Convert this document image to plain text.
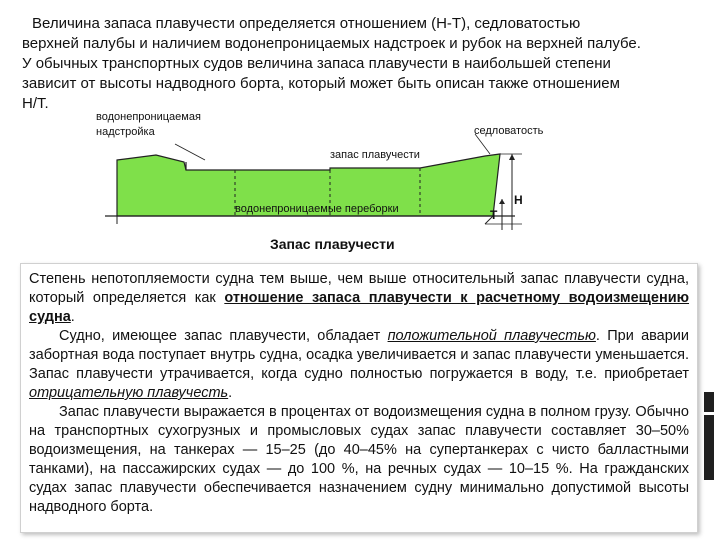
Величина запаса плавучести определяется отношением (H-T), седловатостью
верхней палубы и наличием водонепроницаемых надстроек и рубок на верхней палубе.
У обычных транспортных судов величина запаса плавучести в наибольшей степени
зависит от высоты надводного борта, который может быть описан также отношением
H/T.
водонепроницаемая
надстройка	седловатость
запас плавучести
водонепроницаемые переборки	T
H
Запас плавучести

Степень непотопляемости судна тем выше, чем выше относительный запас плавучести судна, который определяется как отношение запаса плавучести к расчетному водоизмещению судна.

Судно, имеющее запас плавучести, обладает положительной плавучестью. При аварии забортная вода поступает внутрь судна, осадка увеличивается и запас плавучести уменьшается. Запас плавучести утрачивается, когда судно полностью погружается в воду, т.е. приобретает отрицательную плавучесть.

Запас плавучести выражается в процентах от водоизмещения судна в полном грузу. Обычно на транспортных сухогрузных и промысловых судах запас плавучести составляет 30–50% водоизмещения, на танкерах — 15–25 (до 40–45% на супертанкерах с чисто балластными танками), на пассажирских судах — до 100 %, на речных судах — 10–15 %. На гражданских судах запас плавучести обеспечивается назначением судну минимально допустимой высоты надводного борта.
